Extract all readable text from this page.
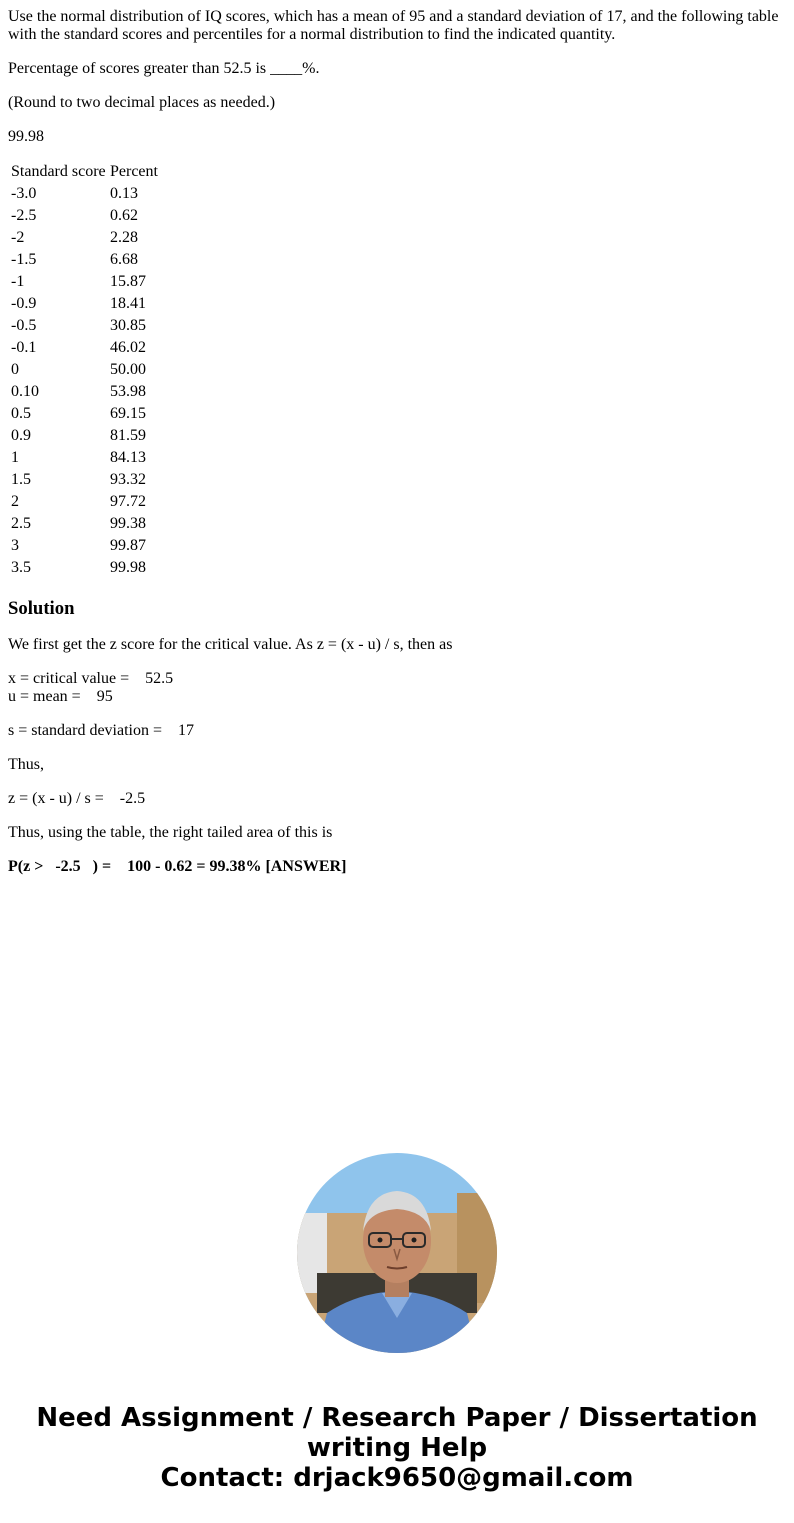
Use the normal distribution of IQ scores, which has a mean of 95 and a standard deviation of 17, and the following table with the standard scores and percentiles for a normal distribution to find the indicated quantity.

Percentage of scores greater than 52.5 is ____%.

(Round to two decimal places as needed.)

99.98

Standard score	Percent
-3.0	0.13
-2.5	0.62
-2	2.28
-1.5	6.68
-1	15.87
-0.9	18.41
-0.5	30.85
-0.1	46.02
0	50.00
0.10	53.98
0.5	69.15
0.9	81.59
1	84.13
1.5	93.32
2	97.72
2.5	99.38
3	99.87
3.5	99.98
Solution

We first get the z score for the critical value. As z = (x - u) / s, then as

x = critical value =    52.5

u = mean =    95

s = standard deviation =    17

Thus,

z = (x - u) / s =    -2.5

Thus, using the table, the right tailed area of this is

P(z >   -2.5   ) =    100 - 0.62 = 99.38% [ANSWER]

Need Assignment / Research Paper / Dissertation
writing Help
Contact: drjack9650@gmail.com
